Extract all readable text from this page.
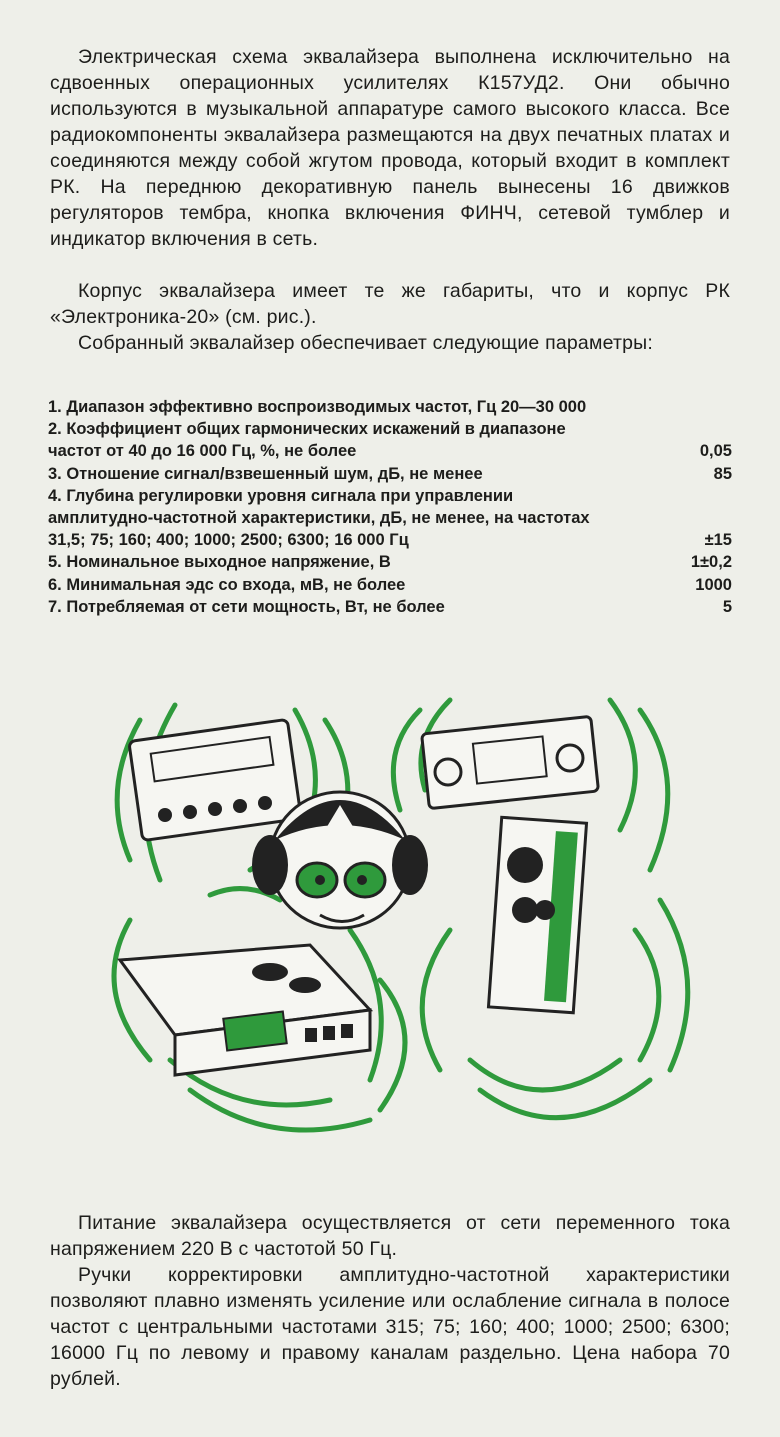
Электрическая схема эквалайзера выполнена исключительно на сдвоенных операционных усилителях К157УД2. Они обычно используются в музыкальной аппаратуре самого высокого класса. Все радиокомпоненты эквалайзера размещаются на двух печатных платах и соединяются между собой жгутом провода, который входит в комплект РК. На переднюю декоративную панель вынесены 16 движков регуляторов тембра, кнопка включения ФИНЧ, сетевой тумблер и индикатор включения в сеть.
Корпус эквалайзера имеет те же габариты, что и корпус РК «Электроника-20» (см. рис.).
Собранный эквалайзер обеспечивает следующие параметры:
1. Диапазон эффективно воспроизводимых частот, Гц 20—30 000
2. Коэффициент общих гармонических искажений в диапазоне
частот от 40 до 16 000 Гц, %, не более	0,05
3. Отношение сигнал/взвешенный шум, дБ, не менее	85
4. Глубина регулировки уровня сигнала при управлении
амплитудно-частотной характеристики, дБ, не менее, на частотах
31,5; 75; 160; 400; 1000; 2500; 6300; 16 000 Гц	±15
5. Номинальное выходное напряжение, В	1±0,2
6. Минимальная эдс со входа, мВ, не более	1000
7. Потребляемая от сети мощность, Вт, не более	5
Питание эквалайзера осуществляется от сети переменного тока напряжением 220 В с частотой 50 Гц.
Ручки корректировки амплитудно-частотной характеристики позволяют плавно изменять усиление или ослабление сигнала в полосе частот с центральными частотами 315; 75; 160; 400; 1000; 2500; 6300; 16000 Гц по левому и правому каналам раздельно. Цена набора 70 рублей.
